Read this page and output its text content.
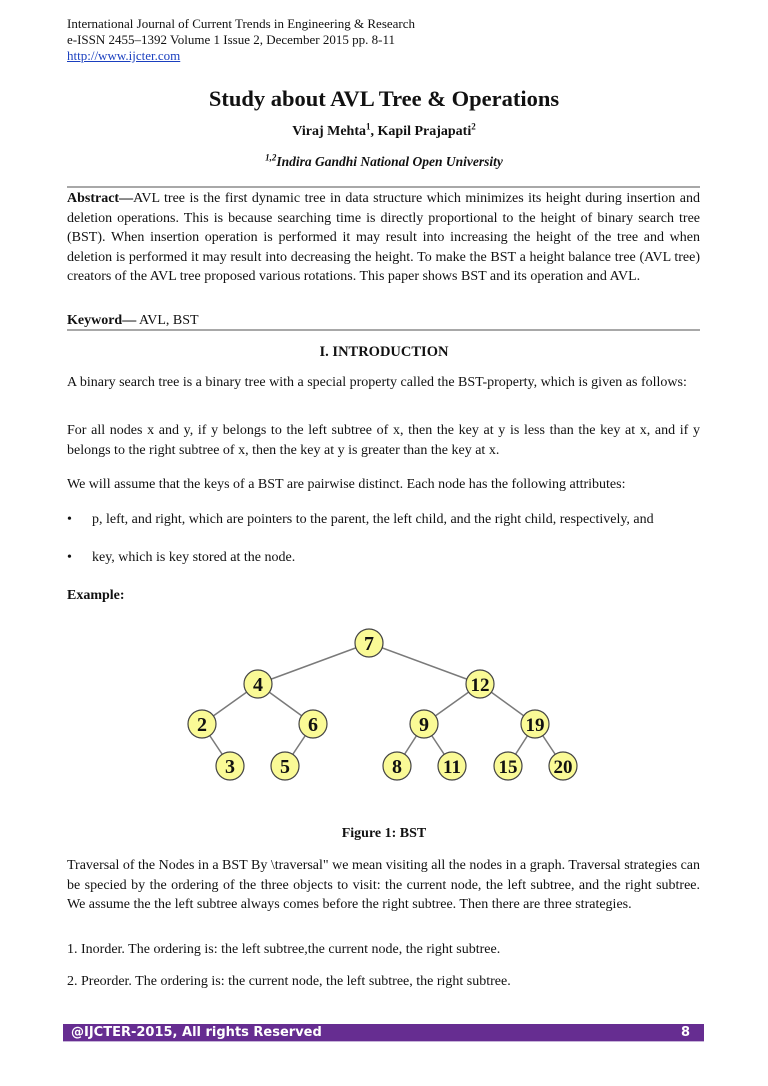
International Journal of Current Trends in Engineering & Research
e-ISSN 2455–1392 Volume 1 Issue 2, December 2015 pp. 8-11
http://www.ijcter.com
Study about AVL Tree & Operations
Viraj Mehta$^1$, Kapil Prajapati$^2$
$^{1,2}$Indira Gandhi National Open University
Abstract—AVL tree is the first dynamic tree in data structure which minimizes its height during insertion and deletion operations. This is because searching time is directly proportional to the height of binary search tree (BST). When insertion operation is performed it may result into increasing the height of the tree and when deletion is performed it may result into decreasing the height. To make the BST a height balance tree (AVL tree) creators of the AVL tree proposed various rotations. This paper shows BST and its operation and AVL.
Keyword— AVL, BST
I. INTRODUCTION
A binary search tree is a binary tree with a special property called the BST-property, which is given as follows:
For all nodes x and y, if y belongs to the left subtree of x, then the key at y is less than the key at x, and if y belongs to the right subtree of x, then the key at y is greater than the key at x.
We will assume that the keys of a BST are pairwise distinct. Each node has the following attributes:
•	p, left, and right, which are pointers to the parent, the left child, and the right child, respectively, and
•	key, which is key stored at the node.
Example:
7
4	12
2	6	9	19
3 5	8 11 15 20
Figure 1: BST
Traversal of the Nodes in a BST By \traversal" we mean visiting all the nodes in a graph. Traversal strategies can be specied by the ordering of the three objects to visit: the current node, the left subtree, and the right subtree. We assume the the left subtree always comes before the right subtree. Then there are three strategies.
1. Inorder. The ordering is: the left subtree,the current node, the right subtree.
2. Preorder. The ordering is: the current node, the left subtree, the right subtree.
@IJCTER-2015, All rights Reserved	8
